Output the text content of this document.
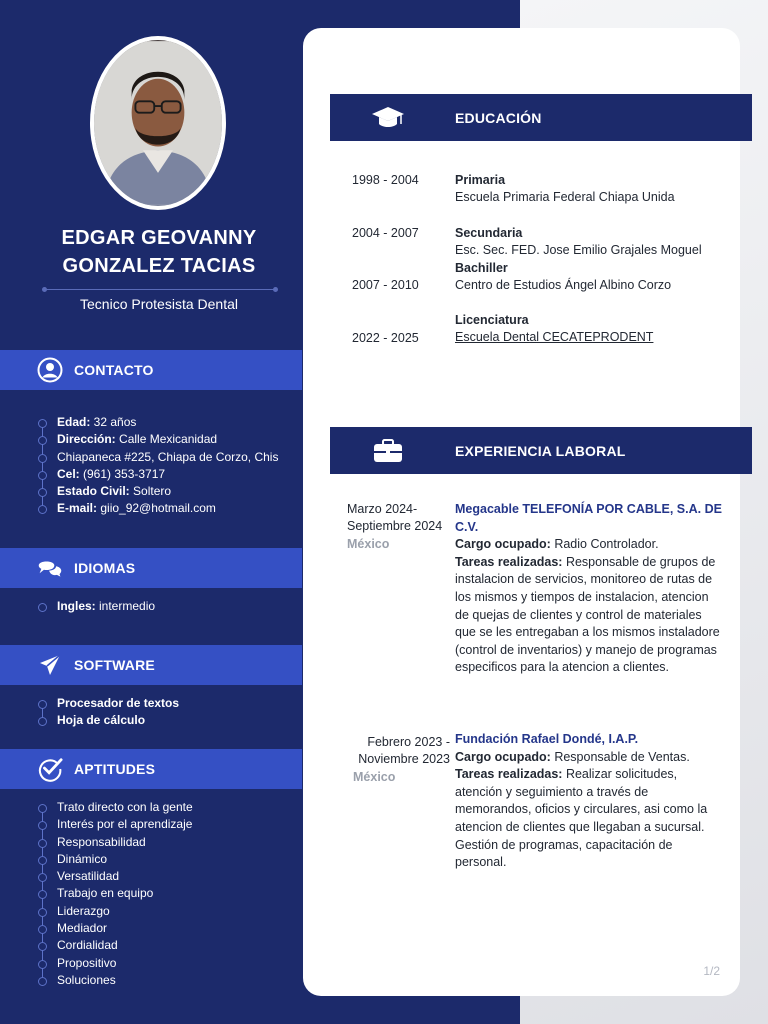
EDGAR GEOVANNY
GONZALEZ TACIAS
Tecnico Protesista Dental
CONTACTO
Edad: 32 años
Dirección: Calle Mexicanidad
Chiapaneca #225, Chiapa de Corzo, Chis
Cel: (961) 353-3717
Estado Civil: Soltero
E-mail: giio_92@hotmail.com
IDIOMAS
Ingles: intermedio
SOFTWARE
Procesador de textos
Hoja de cálculo
APTITUDES
Trato directo con la gente
Interés por el aprendizaje
Responsabilidad
Dinámico
Versatilidad
Trabajo en equipo
Liderazgo
Mediador
Cordialidad
Propositivo
Soluciones
EDUCACIÓN
1998 - 2004	Primaria
Escuela Primaria Federal Chiapa Unida
2004 - 2007	Secundaria
Esc. Sec. FED. Jose Emilio Grajales Moguel
Bachiller
Centro de Estudios Ángel Albino Corzo
2007 - 2010
2022 - 2025
Licenciatura
Escuela Dental CECATEPRODENT
EXPERIENCIA LABORAL
Marzo 2024-
Septiembre 2024
México
Megacable TELEFONÍA POR CABLE, S.A. DE C.V.
Cargo ocupado: Radio Controlador.
Tareas realizadas: Responsable de grupos de instalacion de servicios, monitoreo de rutas de los mismos y tiempos de instalacion, atencion de quejas de clientes y control de materiales que se les entregaban a los mismos instaladore (control de inventarios) y manejo de programas especificos para la atencion a clientes.
Febrero 2023 -
Noviembre 2023
México
Fundación Rafael Dondé, I.A.P.
Cargo ocupado: Responsable de Ventas.
Tareas realizadas: Realizar solicitudes, atención y seguimiento a través de memorandos, oficios y circulares, asi como la atencion de clientes que llegaban a sucursal. Gestión de programas, capacitación de personal.
1/2
